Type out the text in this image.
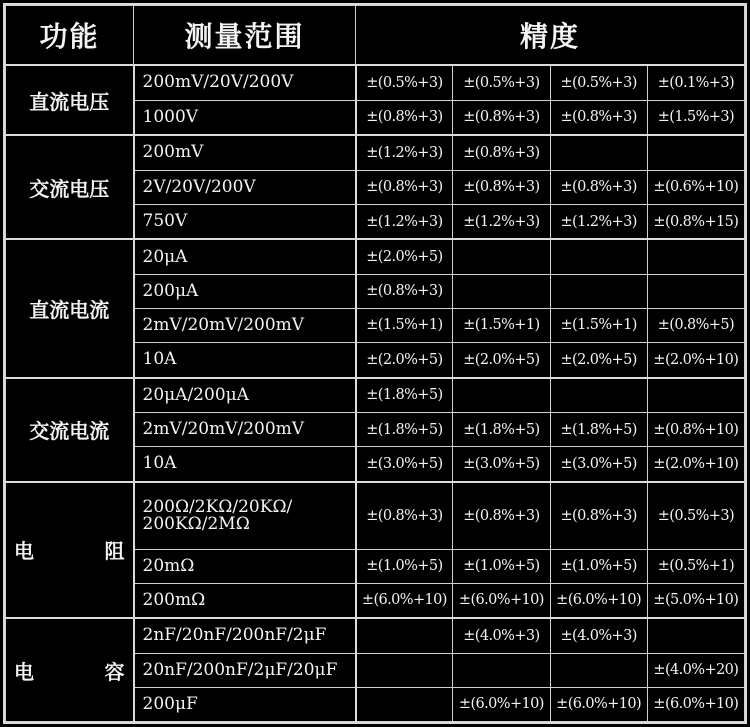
功能	测量范围	精度			
直流电压	200mV/20V/200V	±(0.5%+3)	±(0.5%+3)	±(0.5%+3)	±(0.1%+3)
	1000V	±(0.8%+3)	±(0.8%+3)	±(0.8%+3)	±(1.5%+3)
交流电压	200mV	±(1.2%+3)	±(0.8%+3)		
	2V/20V/200V	±(0.8%+3)	±(0.8%+3)	±(0.8%+3)	±(0.6%+10)
	750V	±(1.2%+3)	±(1.2%+3)	±(1.2%+3)	±(0.8%+15)
直流电流	20μA	±(2.0%+5)			
	200μA	±(0.8%+3)			
	2mV/20mV/200mV	±(1.5%+1)	±(1.5%+1)	±(1.5%+1)	±(0.8%+5)
	10A	±(2.0%+5)	±(2.0%+5)	±(2.0%+5)	±(2.0%+10)
交流电流	20μA/200μA	±(1.8%+5)			
	2mV/20mV/200mV	±(1.8%+5)	±(1.8%+5)	±(1.8%+5)	±(0.8%+10)
	10A	±(3.0%+5)	±(3.0%+5)	±(3.0%+5)	±(2.0%+10)
电 阻	200Ω/2KΩ/20KΩ/
200KΩ/2MΩ	±(0.8%+3)	±(0.8%+3)	±(0.8%+3)	±(0.5%+3)
	20mΩ	±(1.0%+5)	±(1.0%+5)	±(1.0%+5)	±(0.5%+1)
	200mΩ	±(6.0%+10)	±(6.0%+10)	±(6.0%+10)	±(5.0%+10)
电 容	2nF/20nF/200nF/2μF		±(4.0%+3)	±(4.0%+3)	
	20nF/200nF/2μF/20μF				±(4.0%+20)
	200μF		±(6.0%+10)	±(6.0%+10)	±(6.0%+10)
